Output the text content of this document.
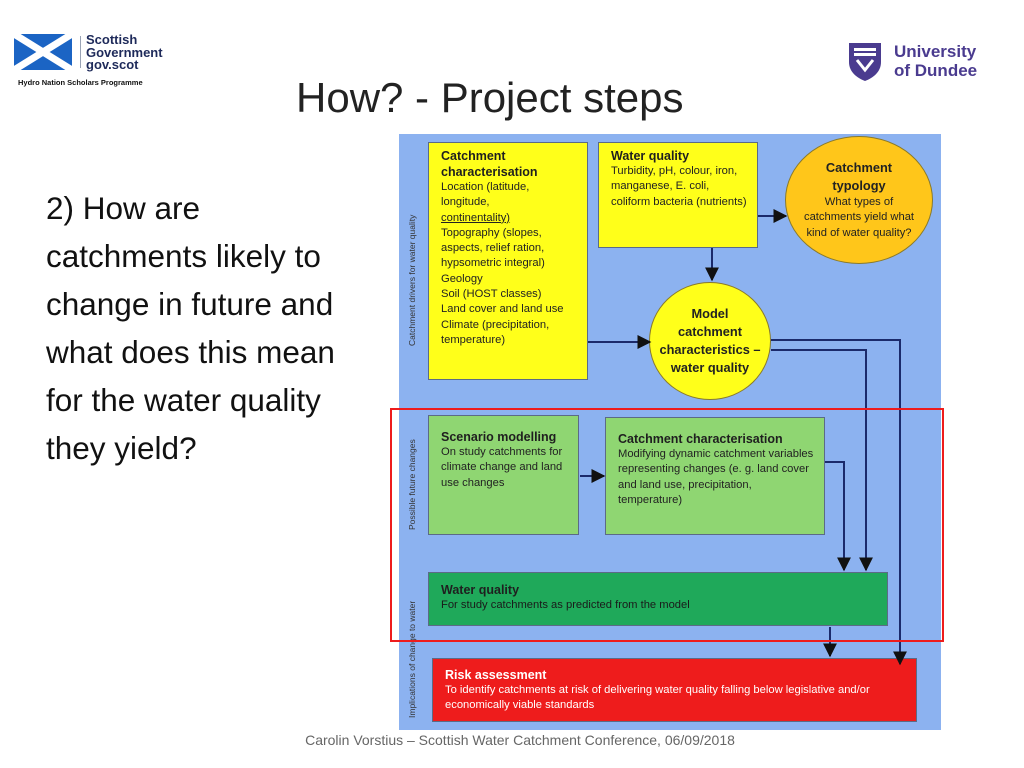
Scottish
Government
gov.scot
Hydro Nation Scholars Programme
University
of Dundee
How? - Project steps
2) How are catchments likely to change in future and what does this mean for the water quality they yield?
Catchment drivers for water quality
Possible future changes
Implications of change to water
Catchment characterisation
Location (latitude, longitude,
continentality)
Topography (slopes, aspects, relief ration, hypsometric integral)
Geology
Soil (HOST classes)
Land cover and land use
Climate (precipitation, temperature)
Water quality
Turbidity, pH, colour, iron, manganese, E. coli, coliform bacteria (nutrients)
Catchment typology
What types of catchments yield what kind of water quality?
Model catchment characteristics – water quality
Scenario modelling
On study catchments for climate change and land use changes
Catchment characterisation
Modifying dynamic catchment variables representing changes (e. g. land cover and land use, precipitation, temperature)
Water quality
For study catchments as predicted from the model
Risk assessment
To identify catchments at risk of delivering water quality falling below legislative and/or economically viable standards
Carolin Vorstius – Scottish Water Catchment Conference, 06/09/2018
